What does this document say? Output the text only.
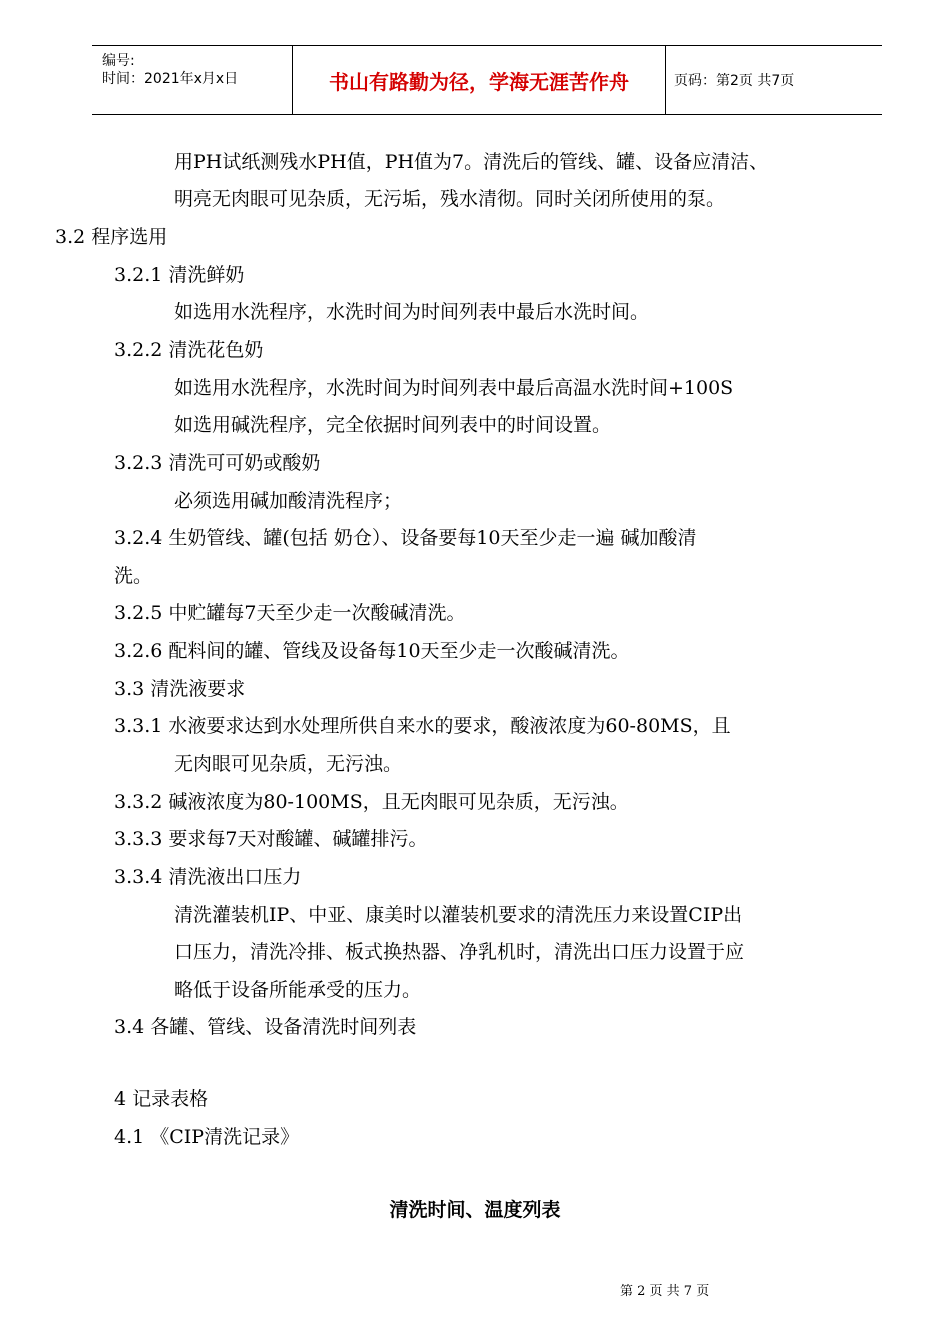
编号:
时间：2021年x月x日	书山有路勤为径，学海无涯苦作舟	页码：第2页 共7页
用PH试纸测残水PH值，PH值为7。清洗后的管线、罐、设备应清洁、
明亮无肉眼可见杂质，无污垢，残水清彻。同时关闭所使用的泵。
3.2 程序选用
3.2.1 清洗鲜奶
如选用水洗程序，水洗时间为时间列表中最后水洗时间。
3.2.2 清洗花色奶
如选用水洗程序，水洗时间为时间列表中最后高温水洗时间+100S
如选用碱洗程序，完全依据时间列表中的时间设置。
3.2.3 清洗可可奶或酸奶
必须选用碱加酸清洗程序；
3.2.4 生奶管线、罐(包括 奶仓）、设备要每10天至少走一遍 碱加酸清
洗。
3.2.5 中贮罐每7天至少走一次酸碱清洗。
3.2.6 配料间的罐、管线及设备每10天至少走一次酸碱清洗。
3.3 清洗液要求
3.3.1 水液要求达到水处理所供自来水的要求，酸液浓度为60-80MS，且
无肉眼可见杂质，无污浊。
3.3.2 碱液浓度为80-100MS，且无肉眼可见杂质，无污浊。
3.3.3 要求每7天对酸罐、碱罐排污。
3.3.4 清洗液出口压力
清洗灌装机IP、中亚、康美时以灌装机要求的清洗压力来设置CIP出
口压力，清洗冷排、板式换热器、净乳机时，清洗出口压力设置于应
略低于设备所能承受的压力。
3.4 各罐、管线、设备清洗时间列表
4 记录表格
4.1 《CIP清洗记录》
清洗时间、温度列表
第 2 页 共 7 页
